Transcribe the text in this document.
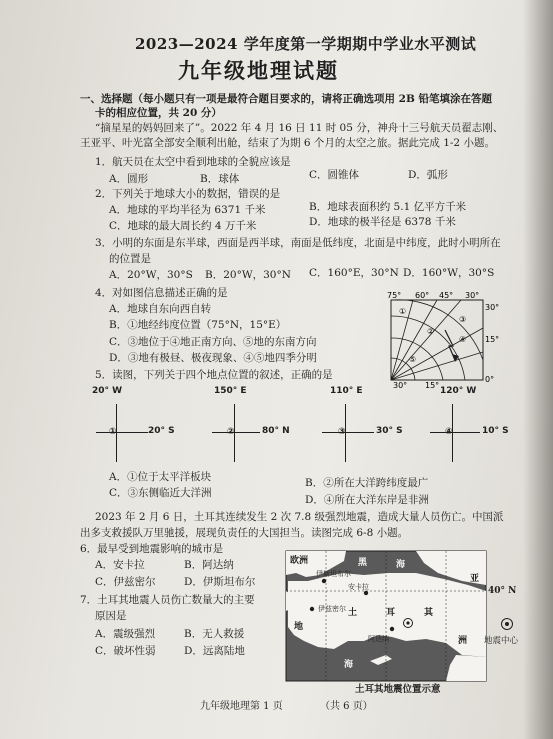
2023—2024 学年度第一学期期中学业水平测试
九年级地理试题
一、选择题（每小题只有一项是最符合题目要求的，请将正确选项用 2B 铅笔填涂在答题
卡的相应位置，共 20 分）
“摘星星的妈妈回来了”。2022 年 4 月 16 日 11 时 05 分，神舟十三号航天员翟志刚、
王亚平、叶光富全部安全顺利出舱，结束了为期 6 个月的太空之旅。据此完成 1-2 小题。
1．航天员在太空中看到地球的全貌应该是
A．圆形	B．球体	C．圆锥体	D．弧形
2．下列关于地球大小的数据，错误的是
A．地球的平均半径为 6371 千米	B．地球表面积约 5.1 亿平方千米
C．地球的最大周长约 4 万千米	D．地球的极半径是 6378 千米
3．小明的东面是东半球，西面是西半球，南面是低纬度，北面是中纬度，此时小明所在
的位置是
A．20°W，30°S B．20°W，30°N C．160°E，30°N D．160°W，30°S
4．对如图信息描述正确的是
A．地球自东向西自转
B．①地经纬度位置（75°N，15°E）
C．③地位于④地正南方向、⑤地的东南方向
D．③地有极昼、极夜现象、④⑤地四季分明
75° 60° 45° 30°
30°
15°
0°
30° 15°
①
②
③
④
⑤
5．读图，下列关于四个地点位置的叙述，正确的是
20° W
①	20° S
150° E
②	80° N
110° E
③	30° S
120° W
④	10° S
A．①位于太平洋板块	B．②所在大洋跨纬度最广
C．③东侧临近大洋洲
D．④所在大洋东岸是非洲
2023 年 2 月 6 日，土耳其连续发生 2 次 7.8 级强烈地震，造成大量人员伤亡。中国派
出多支救援队万里驰援，展现负责任的大国担当。读图完成 6-8 小题。
6．最早受到地震影响的城市是
A．安卡拉	B．阿达纳
C．伊兹密尔	D．伊斯坦布尔
7．土耳其地震人员伤亡数量大的主要
原因是
A．震级强烈	B．无人救援
C．破坏性弱	D．远离陆地
欧洲	黑	海
伊斯坦布尔
安卡拉
伊兹密尔
阿达纳
土	耳	其
亚
洲
地
海
40° N
地震中心
土耳其地震位置示意
九年级地理第 1 页	（共 6 页）
